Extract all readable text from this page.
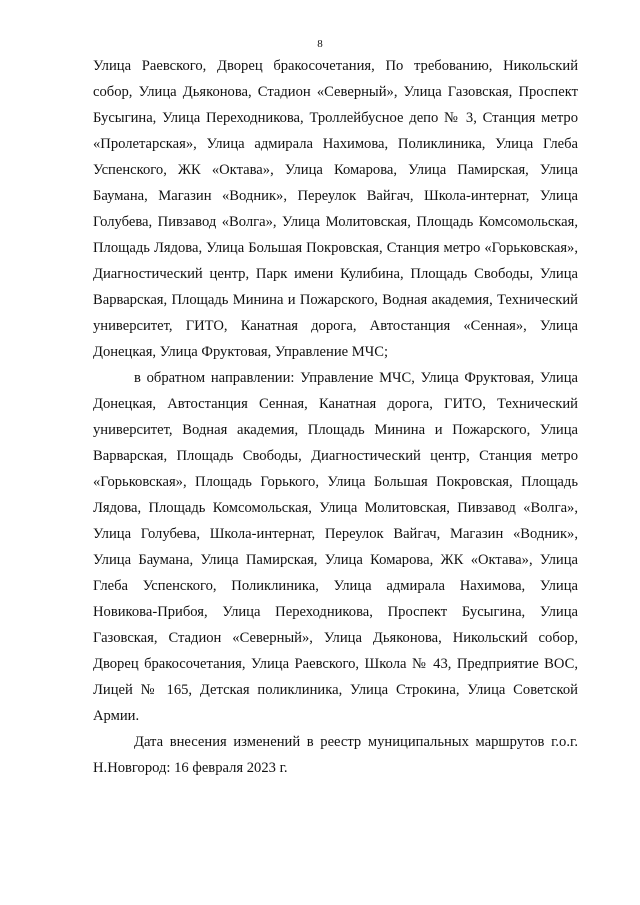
8

Улица Раевского, Дворец бракосочетания, По требованию, Никольский собор, Улица Дьяконова, Стадион «Северный», Улица Газовская, Проспект Бусыгина, Улица Переходникова, Троллейбусное депо № 3, Станция метро «Пролетарская», Улица адмирала Нахимова, Поликлиника, Улица Глеба Успенского, ЖК «Октава», Улица Комарова, Улица Памирская, Улица Баумана, Магазин «Водник», Переулок Вайгач, Школа-интернат, Улица Голубева, Пивзавод «Волга», Улица Молитовская, Площадь Комсомольская, Площадь Лядова, Улица Большая Покровская, Станция метро «Горьковская», Диагностический центр, Парк имени Кулибина, Площадь Свободы, Улица Варварская, Площадь Минина и Пожарского, Водная академия, Технический университет, ГИТО, Канатная дорога, Автостанция «Сенная», Улица Донецкая, Улица Фруктовая, Управление МЧС;

в обратном направлении: Управление МЧС, Улица Фруктовая, Улица Донецкая, Автостанция Сенная, Канатная дорога, ГИТО, Технический университет, Водная академия, Площадь Минина и Пожарского, Улица Варварская, Площадь Свободы, Диагностический центр, Станция метро «Горьковская», Площадь Горького, Улица Большая Покровская, Площадь Лядова, Площадь Комсомольская, Улица Молитовская, Пивзавод «Волга», Улица Голубева, Школа-интернат, Переулок Вайгач, Магазин «Водник», Улица Баумана, Улица Памирская, Улица Комарова, ЖК «Октава», Улица Глеба Успенского, Поликлиника, Улица адмирала Нахимова, Улица Новикова-Прибоя, Улица Переходникова, Проспект Бусыгина, Улица Газовская, Стадион «Северный», Улица Дьяконова, Никольский собор, Дворец бракосочетания, Улица Раевского, Школа № 43, Предприятие ВОС, Лицей № 165, Детская поликлиника, Улица Строкина, Улица Советской Армии.

Дата внесения изменений в реестр муниципальных маршрутов г.о.г. Н.Новгород: 16 февраля 2023 г.
